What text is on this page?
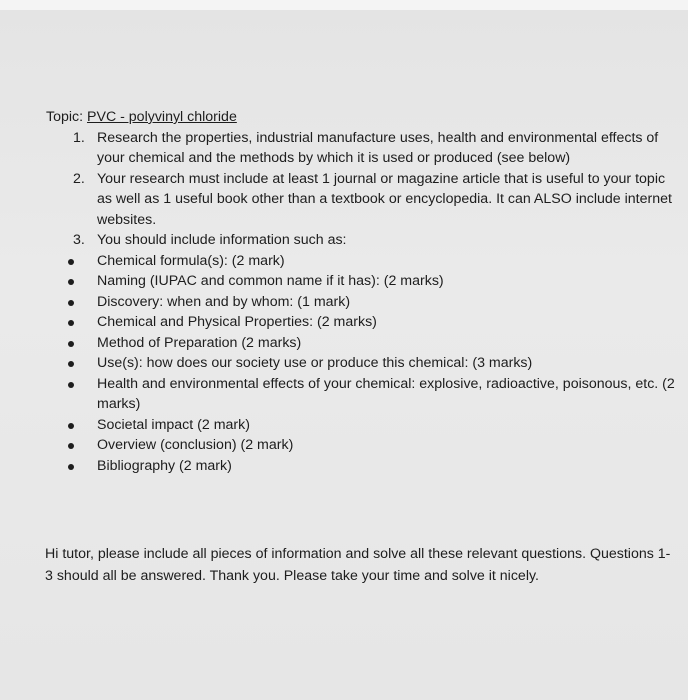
Topic: PVC - polyvinyl chloride

1. Research the properties, industrial manufacture uses, health and environmental effects of your chemical and the methods by which it is used or produced (see below)
2. Your research must include at least 1 journal or magazine article that is useful to your topic as well as 1 useful book other than a textbook or encyclopedia. It can ALSO include internet websites.
3. You should include information such as:
Chemical formula(s): (2 mark)
Naming (IUPAC and common name if it has): (2 marks)
Discovery: when and by whom: (1 mark)
Chemical and Physical Properties: (2 marks)
Method of Preparation (2 marks)
Use(s): how does our society use or produce this chemical: (3 marks)
Health and environmental effects of your chemical: explosive, radioactive, poisonous, etc. (2 marks)
Societal impact (2 mark)
Overview (conclusion) (2 mark)
Bibliography (2 mark)

Hi tutor, please include all pieces of information and solve all these relevant questions. Questions 1-3 should all be answered. Thank you. Please take your time and solve it nicely.
